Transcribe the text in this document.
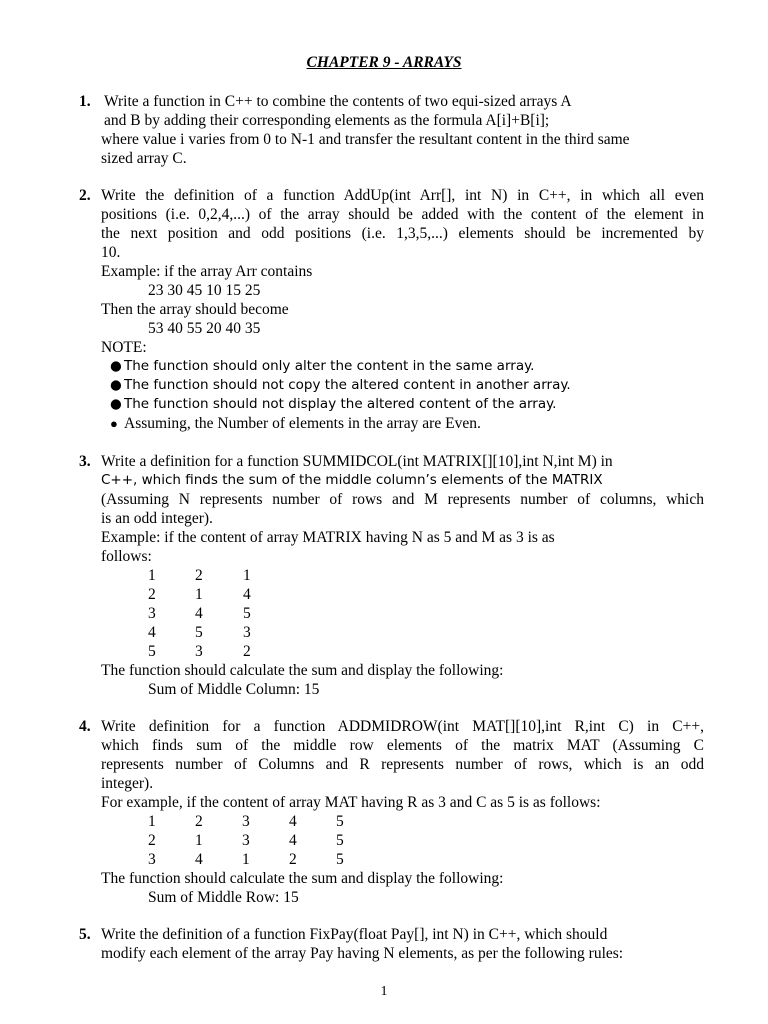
CHAPTER 9 - ARRAYS
1. Write a function in C++ to combine the contents of two equi-sized arrays A
and B by adding their corresponding elements as the formula A[i]+B[i];
where value i varies from 0 to N-1 and transfer the resultant content in the third same
sized array C.
2. Write the definition of a function AddUp(int Arr[], int N) in C++, in which all even
positions (i.e. 0,2,4,...) of the array should be added with the content of the element in
the next position and odd positions (i.e. 1,3,5,...) elements should be incremented by
10.
Example: if the array Arr contains
23 30 45 10 15 25
Then the array should become
53 40 55 20 40 35
NOTE:
● The function should only alter the content in the same array.
● The function should not copy the altered content in another array.
● The function should not display the altered content of the array.
● Assuming, the Number of elements in the array are Even.
3. Write a definition for a function SUMMIDCOL(int MATRIX[][10],int N,int M) in
C++, which finds the sum of the middle column’s elements of the MATRIX
(Assuming N represents number of rows and M represents number of columns, which
is an odd integer).
Example: if the content of array MATRIX having N as 5 and M as 3 is as
follows:
1	2	1
2	1	4
3	4	5
4	5	3
5	3	2
The function should calculate the sum and display the following:
Sum of Middle Column: 15
4. Write definition for a function ADDMIDROW(int MAT[][10],int R,int C) in C++,
which finds sum of the middle row elements of the matrix MAT (Assuming C
represents number of Columns and R represents number of rows, which is an odd
integer).
For example, if the content of array MAT having R as 3 and C as 5 is as follows:
1	2	3	4	5
2	1	3	4	5
3	4	1	2	5
The function should calculate the sum and display the following:
Sum of Middle Row: 15
5. Write the definition of a function FixPay(float Pay[], int N) in C++, which should
modify each element of the array Pay having N elements, as per the following rules:
1
